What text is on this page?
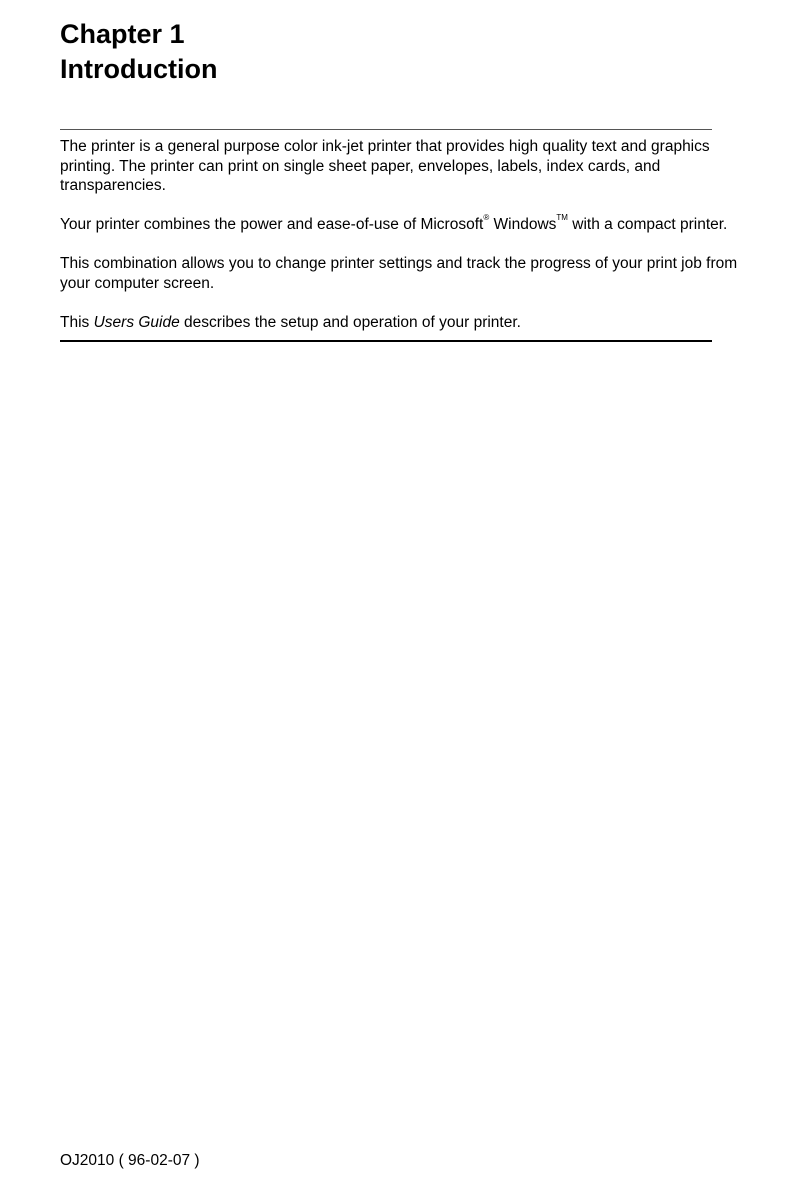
Chapter 1
Introduction

The printer is a general purpose color ink-jet printer that provides high quality text and graphics printing. The printer can print on single sheet paper, envelopes, labels, index cards, and transparencies.

Your printer combines the power and ease-of-use of Microsoft® Windows™ with a compact printer.

This combination allows you to change printer settings and track the progress of your print job from your computer screen.

This Users Guide describes the setup and operation of your printer.

OJ2010 ( 96-02-07 )
